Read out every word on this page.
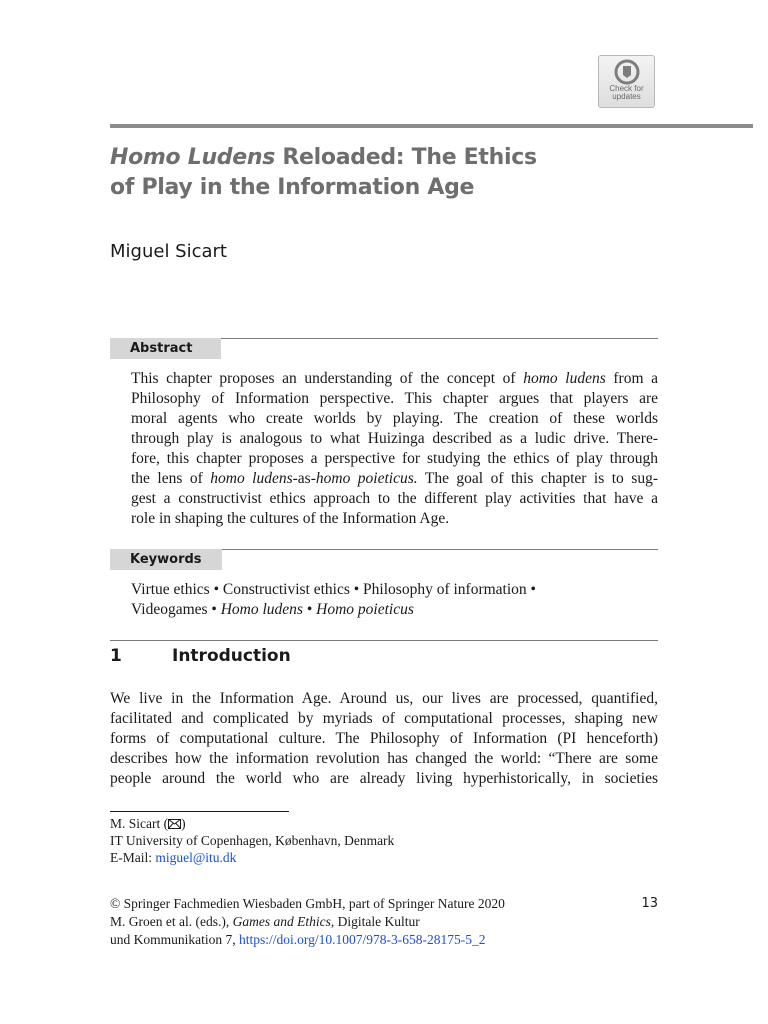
Check for
updates
Homo Ludens Reloaded: The Ethics
of Play in the Information Age
Miguel Sicart
Abstract
This chapter proposes an understanding of the concept of homo ludens from a
Philosophy of Information perspective. This chapter argues that players are
moral agents who create worlds by playing. The creation of these worlds
through play is analogous to what Huizinga described as a ludic drive. There-
fore, this chapter proposes a perspective for studying the ethics of play through
the lens of homo ludens-as-homo poieticus. The goal of this chapter is to sug-
gest a constructivist ethics approach to the different play activities that have a
role in shaping the cultures of the Information Age.
Keywords
Virtue ethics • Constructivist ethics • Philosophy of information •
Videogames • Homo ludens • Homo poieticus
1	Introduction
We live in the Information Age. Around us, our lives are processed, quantified,
facilitated and complicated by myriads of computational processes, shaping new
forms of computational culture. The Philosophy of Information (PI henceforth)
describes how the information revolution has changed the world: “There are some
people around the world who are already living hyperhistorically, in societies
M. Sicart ( )
IT University of Copenhagen, København, Denmark
E-Mail: miguel@itu.dk
© Springer Fachmedien Wiesbaden GmbH, part of Springer Nature 2020
M. Groen et al. (eds.), Games and Ethics, Digitale Kultur
und Kommunikation 7, https://doi.org/10.1007/978-3-658-28175-5_2
13
